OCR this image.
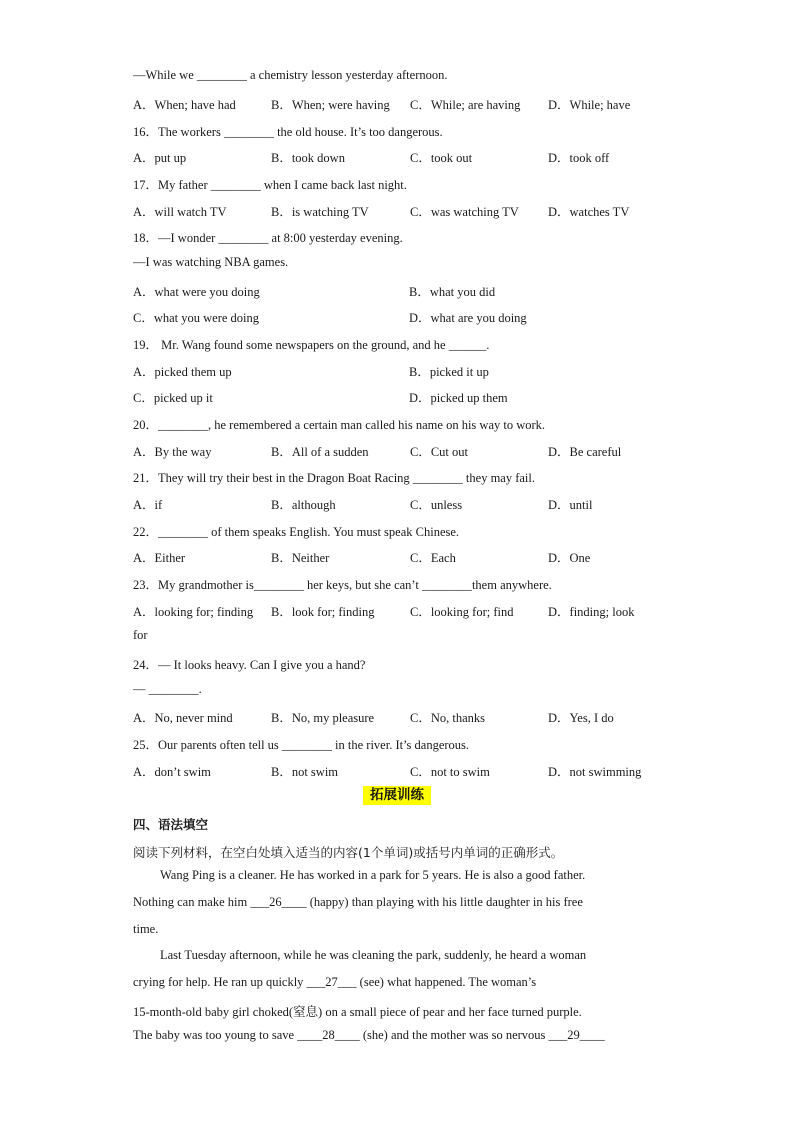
—While we ________ a chemistry lesson yesterday afternoon.
A．When; have had	B．When; were having C．While; are having D．While; have
16．The workers ________ the old house. It’s too dangerous.
A．put up	B．took down	C．took out	D．took off
17．My father ________ when I came back last night.
A．will watch TV	B．is watching TV	C．was watching TV D．watches TV
18．—I wonder ________ at 8:00 yesterday evening.
—I was watching NBA games.
A．what were you doing	B．what you did
C．what you were doing	D．what are you doing
19． Mr. Wang found some newspapers on the ground, and he ______.
A．picked them up	B．picked it up
C．picked up it	D．picked up them
20．________, he remembered a certain man called his name on his way to work.
A．By the way	B．All of a sudden	C．Cut out	D．Be careful
21．They will try their best in the Dragon Boat Racing ________ they may fail.
A．if	B．although	C．unless	D．until
22．________ of them speaks English. You must speak Chinese.
A．Either	B．Neither	C．Each	D．One
23．My grandmother is________ her keys, but she can’t ________them anywhere.
A．looking for; finding B．look for; finding	C．looking for; find	D．finding; look
for
24．— It looks heavy. Can I give you a hand?
— ________.
A．No, never mind	B．No, my pleasure	C．No, thanks	D．Yes, I do
25．Our parents often tell us ________ in the river. It’s dangerous.
A．don’t swim	B．not swim	C．not to swim	D．not swimming
拓展训练
四、语法填空
阅读下列材料，在空白处填入适当的内容(1个单词)或括号内单词的正确形式。
Wang Ping is a cleaner. He has worked in a park for 5 years. He is also a good father.
Nothing can make him ___26____ (happy) than playing with his little daughter in his free
time.
Last Tuesday afternoon, while he was cleaning the park, suddenly, he heard a woman
crying for help. He ran up quickly ___27___ (see) what happened. The woman’s
15-month-old baby girl choked(窒息) on a small piece of pear and her face turned purple.
The baby was too young to save ____28____ (she) and the mother was so nervous ___29____
